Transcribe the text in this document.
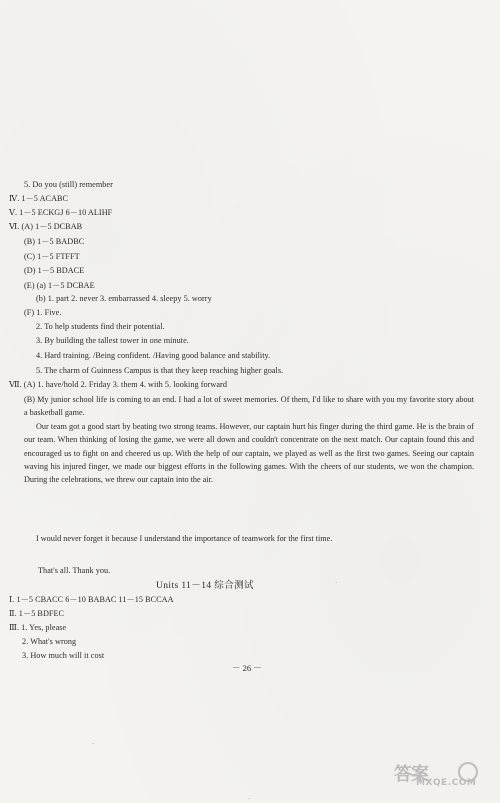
5. Do you (still) remember
Ⅳ. 1－5 ACABC
Ⅴ. 1－5 ECKGJ 6－10 ALIHF
Ⅵ. (A) 1－5 DCBAB
(B) 1－5 BADBC
(C) 1－5 FTFFT
(D) 1－5 BDACE
(E) (a) 1－5 DCBAE
(b) 1. part 2. never 3. embarrassed 4. sleepy 5. worry
(F) 1. Five.
2. To help students find their potential.
3. By building the tallest tower in one minute.
4. Hard training. /Being confident. /Having good balance and stability.
5. The charm of Guinness Campus is that they keep reaching higher goals.
Ⅶ. (A) 1. have/hold 2. Friday 3. them 4. with 5. looking forward
(B) My junior school life is coming to an end. I had a lot of sweet memories. Of them, I'd like to share with you my favorite story about a basketball game.
Our team got a good start by beating two strong teams. However, our captain hurt his finger during the third game. He is the brain of our team. When thinking of losing the game, we were all down and couldn't concentrate on the next match. Our captain found this and encouraged us to fight on and cheered us up. With the help of our captain, we played as well as the first two games. Seeing our captain waving his injured finger, we made our biggest efforts in the following games. With the cheers of our students, we won the champion. During the celebrations, we threw our captain into the air.
I would never forget it because I understand the importance of teamwork for the first time.
That's all. Thank you.
Units 11－14 综合测试
Ⅰ. 1－5 CBACC 6－10 BABAC 11－15 BCCAA
Ⅱ. 1－5 BDFEC
Ⅲ. 1. Yes, please
2. What's wrong
3. How much will it cost
－ 26 －
·
·
˙
答案
MXQE.COM
